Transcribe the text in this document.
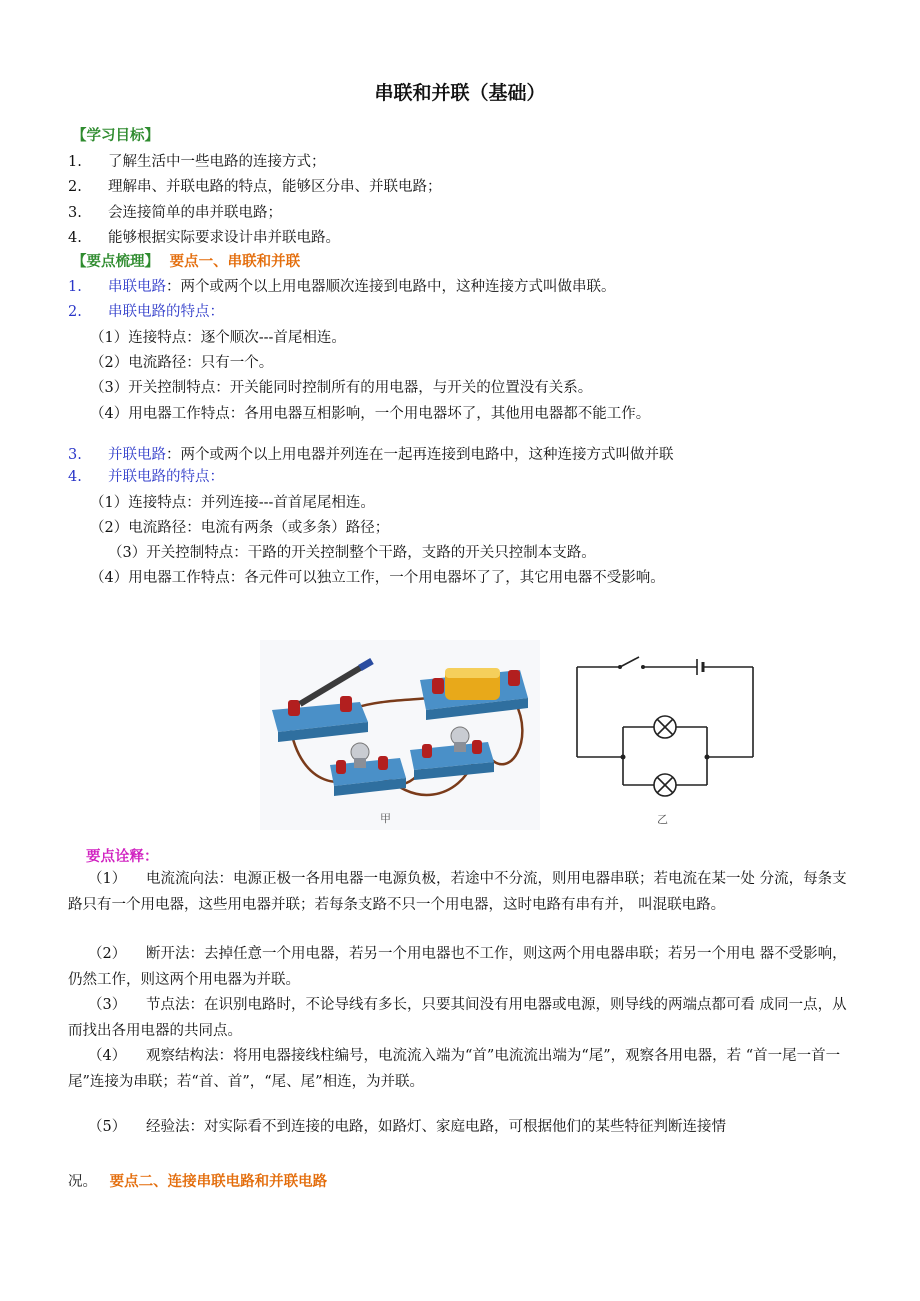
串联和并联（基础）
【学习目标】
1. 了解生活中一些电路的连接方式；
2. 理解串、并联电路的特点，能够区分串、并联电路；
3. 会连接简单的串并联电路；
4. 能够根据实际要求设计串并联电路。
【要点梳理】 要点一、串联和并联
1. 串联电路：两个或两个以上用电器顺次连接到电路中，这种连接方式叫做串联。
2. 串联电路的特点：
（1）连接特点：逐个顺次---首尾相连。
（2）电流路径：只有一个。
（3）开关控制特点：开关能同时控制所有的用电器，与开关的位置没有关系。
（4）用电器工作特点：各用电器互相影响，一个用电器坏了，其他用电器都不能工作。
3. 并联电路：两个或两个以上用电器并列连在一起再连接到电路中，这种连接方式叫做并联
4. 并联电路的特点：
（1）连接特点：并列连接---首首尾尾相连。
（2）电流路径：电流有两条（或多条）路径；
（3）开关控制特点：干路的开关控制整个干路，支路的开关只控制本支路。
（4）用电器工作特点：各元件可以独立工作，一个用电器坏了了，其它用电器不受影响。
甲	乙
要点诠释：
（1） 电流流向法：电源正极一各用电器一电源负极，若途中不分流，则用电器串联；若电流在某一处 分流，每条支路只有一个用电器，这些用电器并联；若每条支路不只一个用电器，这时电路有串有并， 叫混联电路。
（2） 断开法：去掉任意一个用电器，若另一个用电器也不工作，则这两个用电器串联；若另一个用电 器不受影响，仍然工作，则这两个用电器为并联。
（3） 节点法：在识别电路时，不论导线有多长，只要其间没有用电器或电源，则导线的两端点都可看 成同一点，从而找出各用电器的共同点。
（4） 观察结构法：将用电器接线柱编号，电流流入端为“首”电流流出端为“尾”，观察各用电器，若 “首一尾一首一尾”连接为串联；若“首、首”，“尾、尾”相连，为并联。
（5） 经验法：对实际看不到连接的电路，如路灯、家庭电路，可根据他们的某些特征判断连接情
况。 要点二、连接串联电路和并联电路
